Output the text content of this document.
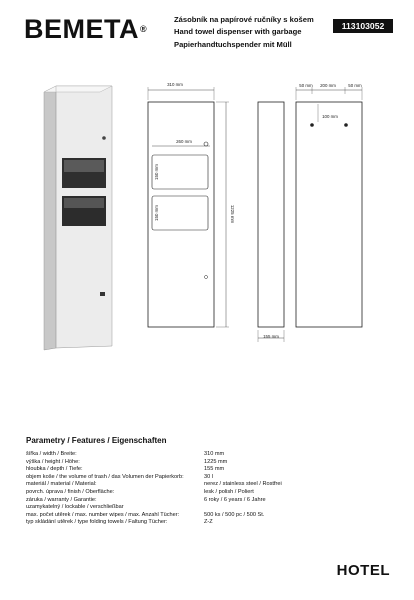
BEMETA®
Zásobník na papírové ručníky s košem
Hand towel dispenser with garbage
Papierhandtuchspender mit Müll
113103052
310 mm
260 mm
150 mm
150 mm	1225 mm
155 mm
50 mm 200 mm	50 mm
100 mm
Parametry / Features / Eigenschaften
šířka / width / Breite:	310 mm
výška / height / Höhe:	1225 mm
hloubka / depth / Tiefe:	155 mm
objem koše / the volume of trash / das Volumen der Papierkorb:	30 l
materiál / material / Material:	nerez / stainless steel / Rostfrei
povrch. úprava / finish / Oberfläche:	lesk / polish / Poliert
záruka / warranty / Garantie:	6 roky / 6 years / 6 Jahre
uzamykatelný / lockable / verschließbar
max. počet utěrek / max. number wipes / max. Anzahl Tücher:	500 ks / 500 pc / 500 St.
typ skládání utěrek / type folding towels / Faltung Tücher:	Z-Z
HOTEL
